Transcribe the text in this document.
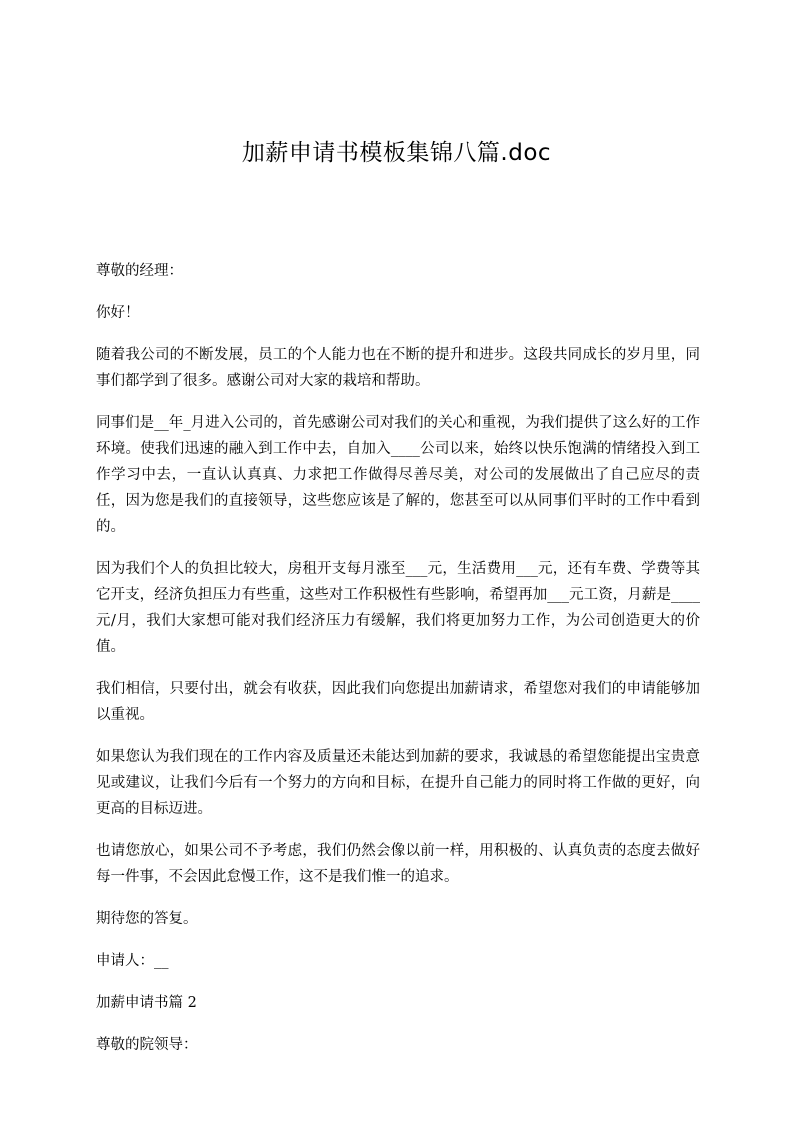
加薪申请书模板集锦八篇.doc

尊敬的经理：

你好！

随着我公司的不断发展，员工的个人能力也在不断的提升和进步。这段共同成长的岁月里，同事们都学到了很多。感谢公司对大家的栽培和帮助。

同事们是__年_月进入公司的，首先感谢公司对我们的关心和重视，为我们提供了这么好的工作环境。使我们迅速的融入到工作中去，自加入____公司以来，始终以快乐饱满的情绪投入到工作学习中去，一直认认真真、力求把工作做得尽善尽美，对公司的发展做出了自己应尽的责任，因为您是我们的直接领导，这些您应该是了解的，您甚至可以从同事们平时的工作中看到的。

因为我们个人的负担比较大，房租开支每月涨至___元，生活费用___元，还有车费、学费等其它开支，经济负担压力有些重，这些对工作积极性有些影响，希望再加___元工资，月薪是____元/月，我们大家想可能对我们经济压力有缓解，我们将更加努力工作，为公司创造更大的价值。

我们相信，只要付出，就会有收获，因此我们向您提出加薪请求，希望您对我们的申请能够加以重视。

如果您认为我们现在的工作内容及质量还未能达到加薪的要求，我诚恳的希望您能提出宝贵意见或建议，让我们今后有一个努力的方向和目标，在提升自己能力的同时将工作做的更好，向更高的目标迈进。

也请您放心，如果公司不予考虑，我们仍然会像以前一样，用积极的、认真负责的态度去做好每一件事，不会因此怠慢工作，这不是我们惟一的追求。

期待您的答复。

申请人：__

加薪申请书篇 2

尊敬的院领导：
